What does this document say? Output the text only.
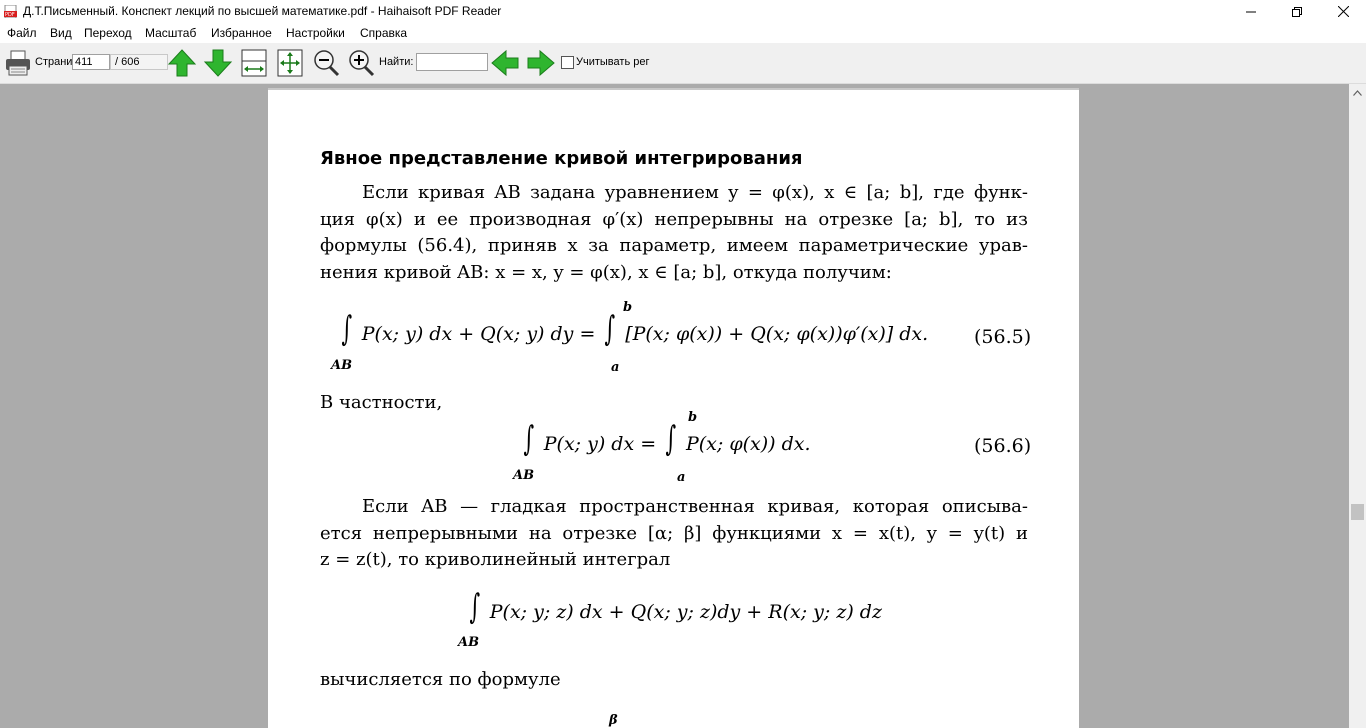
PDF Д.Т.Письменный. Конспект лекций по высшей математике.pdf - Haihaisoft PDF Reader
Файл Вид Переход Масштаб Избранное Настройки Справка
Страни 411	/ 606	Найти:	Учитывать рег
Явное представление кривой интегрирования
Если кривая AB задана уравнением y = φ(x), x ∈ [a; b], где функ-
ция φ(x) и ее производная φ′(x) непрерывны на отрезке [a; b], то из
формулы (56.4), приняв x за параметр, имеем параметрические урав-
нения кривой AB: x = x, y = φ(x), x ∈ [a; b], откуда получим:
∫ P(x; y) dx + Q(x; y) dy = ∫ [P(x; φ(x)) + Q(x; φ(x))φ′(x)] dx.
AB
b
a
(56.5)
В частности,
∫ P(x; y) dx = ∫ P(x; φ(x)) dx.
AB
b
a
(56.6)
Если AB — гладкая пространственная кривая, которая описыва-
ется непрерывными на отрезке [α; β] функциями x = x(t), y = y(t) и
z = z(t), то криволинейный интеграл
∫ P(x; y; z) dx + Q(x; y; z)dy + R(x; y; z) dz
AB
вычисляется по формуле
β
